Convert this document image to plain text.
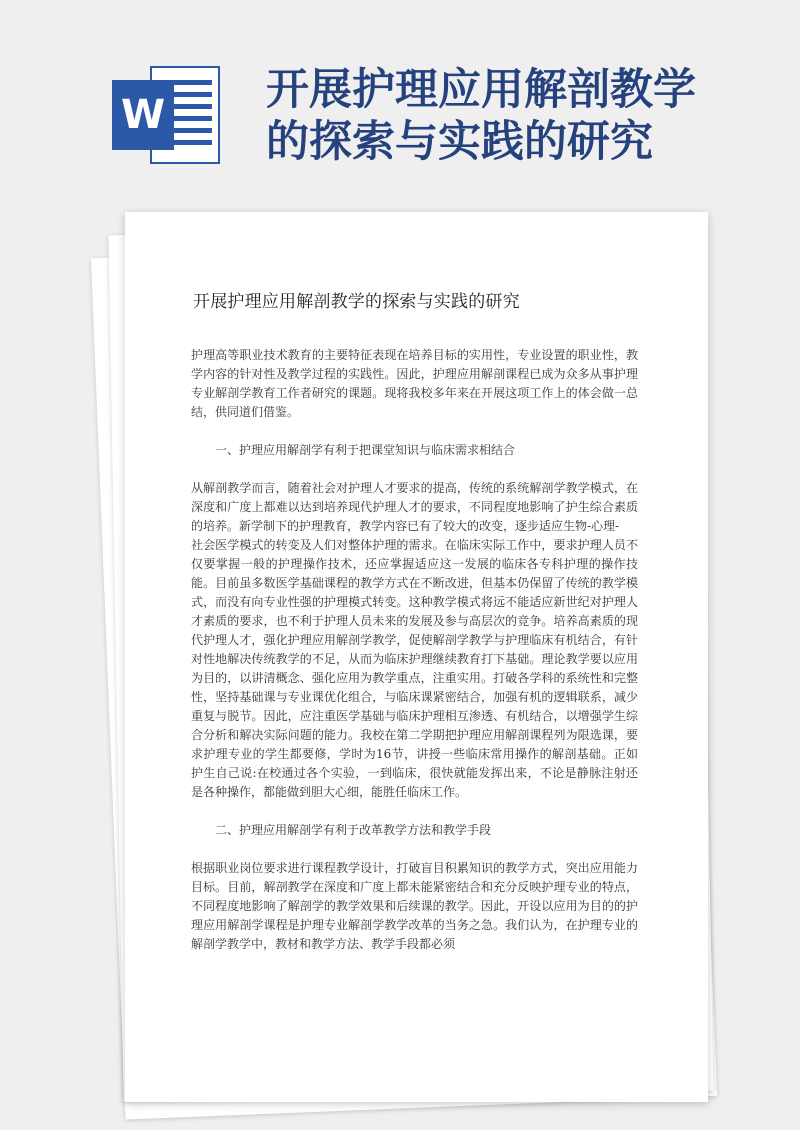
W 开展护理应用解剖教学的探索与实践的研究
开展护理应用解剖教学的探索与实践的研究

护理高等职业技术教育的主要特征表现在培养目标的实用性，专业设置的职业性，教学内容的针对性及教学过程的实践性。因此，护理应用解剖课程已成为众多从事护理专业解剖学教育工作者研究的课题。现将我校多年来在开展这项工作上的体会做一总结，供同道们借鉴。

一、护理应用解剖学有利于把课堂知识与临床需求相结合

从解剖教学而言，随着社会对护理人才要求的提高，传统的系统解剖学教学模式，在深度和广度上都难以达到培养现代护理人才的要求，不同程度地影响了护生综合素质的培养。新学制下的护理教育，教学内容已有了较大的改变，逐步适应生物-心理-

社会医学模式的转变及人们对整体护理的需求。在临床实际工作中，要求护理人员不仅要掌握一般的护理操作技术，还应掌握适应这一发展的临床各专科护理的操作技能。目前虽多数医学基础课程的教学方式在不断改进，但基本仍保留了传统的教学模式，而没有向专业性强的护理模式转变。这种教学模式将远不能适应新世纪对护理人才素质的要求，也不利于护理人员未来的发展及参与高层次的竞争。培养高素质的现代护理人才，强化护理应用解剖学教学，促使解剖学教学与护理临床有机结合，有针对性地解决传统教学的不足，从而为临床护理继续教育打下基础。理论教学要以应用为目的，以讲清概念、强化应用为教学重点，注重实用。打破各学科的系统性和完整性，坚持基础课与专业课优化组合，与临床课紧密结合，加强有机的逻辑联系，减少重复与脱节。因此，应注重医学基础与临床护理相互渗透、有机结合，以增强学生综合分析和解决实际问题的能力。我校在第二学期把护理应用解剖课程列为限选课，要求护理专业的学生都要修，学时为16节，讲授一些临床常用操作的解剖基础。正如护生自己说:在校通过各个实验，一到临床，很快就能发挥出来，不论是静脉注射还是各种操作，都能做到胆大心细，能胜任临床工作。

二、护理应用解剖学有利于改革教学方法和教学手段

根据职业岗位要求进行课程教学设计，打破盲目积累知识的教学方式，突出应用能力目标。目前，解剖教学在深度和广度上都未能紧密结合和充分反映护理专业的特点，不同程度地影响了解剖学的教学效果和后续课的教学。因此，开设以应用为目的的护理应用解剖学课程是护理专业解剖学教学改革的当务之急。我们认为，在护理专业的解剖学教学中，教材和教学方法、教学手段都必须
